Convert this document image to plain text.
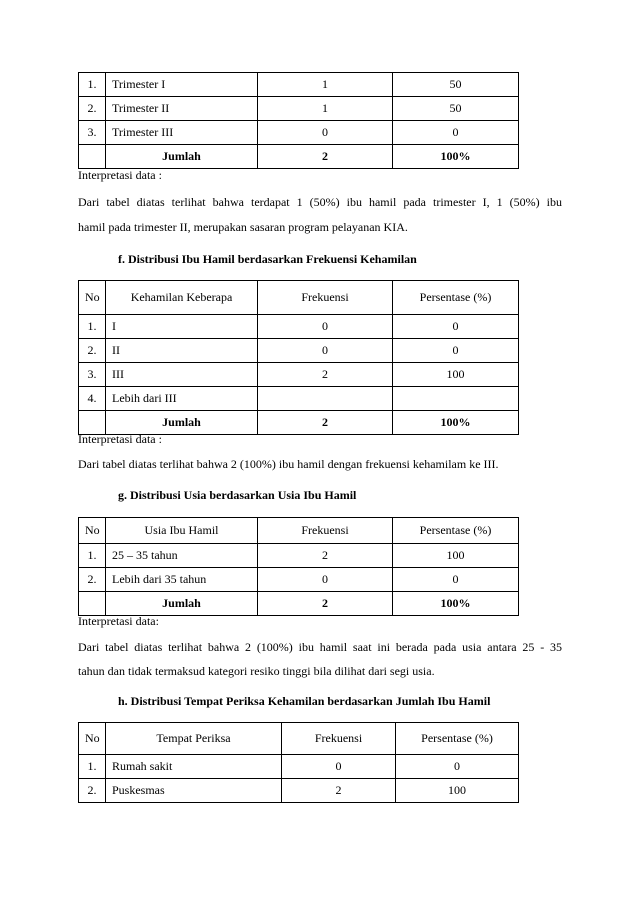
1.	Trimester I	1	50
2.	Trimester II	1	50
3.	Trimester III	0	0
	Jumlah	2	100%
Interpretasi data :
Dari tabel diatas terlihat bahwa terdapat 1 (50%) ibu hamil pada trimester I, 1 (50%) ibu
hamil pada trimester II, merupakan sasaran program pelayanan KIA.
f. Distribusi Ibu Hamil berdasarkan Frekuensi Kehamilan
No	Kehamilan Keberapa	Frekuensi	Persentase (%)
1.	I	0	0
2.	II	0	0
3.	III	2	100
4.	Lebih dari III		
	Jumlah	2	100%
Interpretasi data :
Dari tabel diatas terlihat bahwa 2 (100%) ibu hamil dengan frekuensi kehamilam ke III.
g. Distribusi Usia berdasarkan Usia Ibu Hamil
No	Usia Ibu Hamil	Frekuensi	Persentase (%)
1.	25 – 35 tahun	2	100
2.	Lebih dari 35 tahun	0	0
	Jumlah	2	100%
Interpretasi data:
Dari tabel diatas terlihat bahwa 2 (100%) ibu hamil saat ini berada pada usia antara 25 - 35
tahun dan tidak termaksud kategori resiko tinggi bila dilihat dari segi usia.
h. Distribusi Tempat Periksa Kehamilan berdasarkan Jumlah Ibu Hamil
No	Tempat Periksa	Frekuensi	Persentase (%)
1.	Rumah sakit	0	0
2.	Puskesmas	2	100
